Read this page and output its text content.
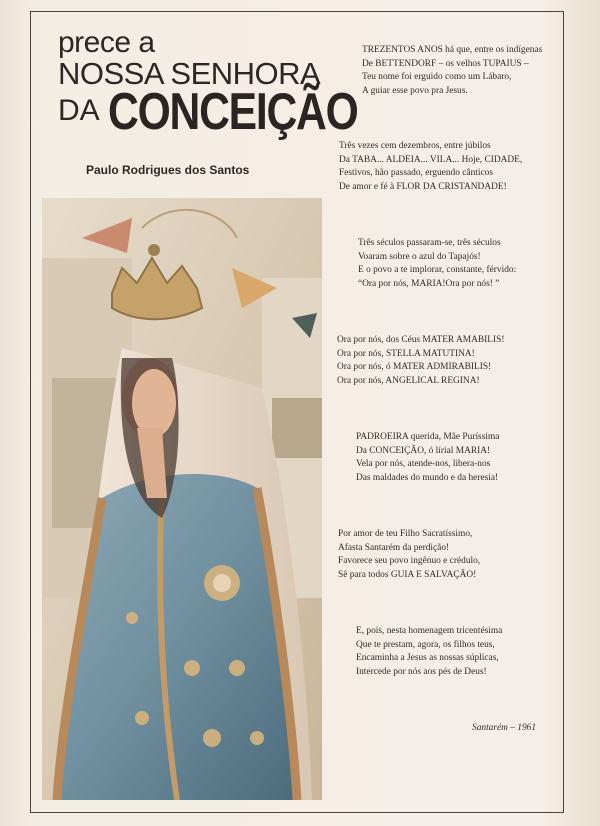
prece a
NOSSA SENHORA
DA CONCEIÇÃO
Paulo Rodrigues dos Santos
TREZENTOS ANOS há que, entre os indígenas
De BETTENDORF – os velhos TUPAIUS –
Teu nome foi erguido como um Lábaro,
A guiar esse povo pra Jesus.
Três vezes cem dezembros, entre júbilos
Da TABA... ALDEIA... VILA... Hoje, CIDADE,
Festivos, hão passado, erguendo cânticos
De amor e fé à FLOR DA CRISTANDADE!
Três séculos passaram-se, três séculos
Voaram sobre o azul do Tapajós!
E o povo a te implorar, constante, férvido:
“Ora por nós, MARIA!Ora por nós! ”
Ora por nós, dos Céus MATER AMABILIS!
Ora por nós, STELLA MATUTINA!
Ora por nós, ó MATER ADMIRABILIS!
Ora por nós, ANGELICAL REGINA!
PADROEIRA querida, Mãe Puríssima
Da CONCEIÇÃO, ó lírial MARIA!
Vela por nós, atende-nos, libera-nos
Das maldades do mundo e da heresia!
Por amor de teu Filho Sacratíssimo,
Afasta Santarém da perdição!
Favorece seu povo ingênuo e crédulo,
Sê para todos GUIA E SALVAÇÃO!
E, pois, nesta homenagem tricentésima
Que te prestam, agora, os filhos teus,
Encaminha a Jesus as nossas súplicas,
Intercede por nós aos pés de Deus!
Santarém – 1961
